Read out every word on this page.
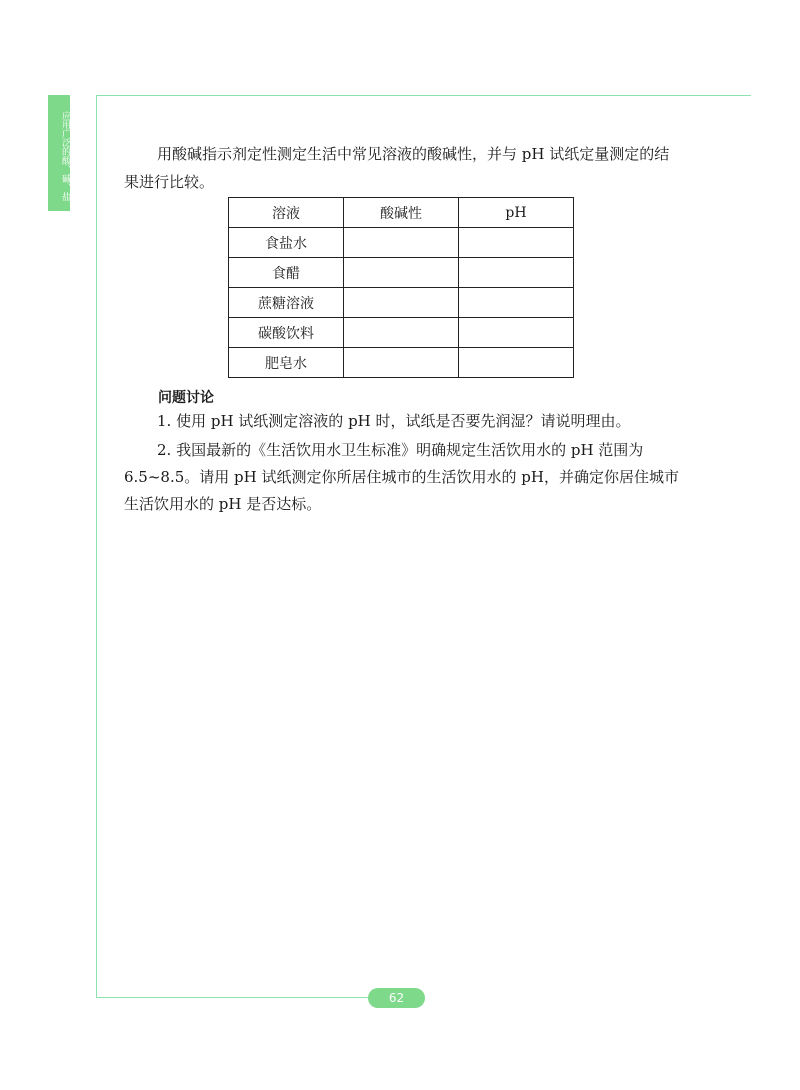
应用广泛的酸、碱、盐	用酸碱指示剂定性测定生活中常见溶液的酸碱性，并与 pH 试纸定量测定的结果进行比较。

溶液	酸碱性	pH
食盐水		
食醋		
蔗糖溶液		
碳酸饮料		
肥皂水		
问题讨论

1. 使用 pH 试纸测定溶液的 pH 时，试纸是否要先润湿？请说明理由。

2. 我国最新的《生活饮用水卫生标准》明确规定生活饮用水的 pH 范围为 6.5~8.5。请用 pH 试纸测定你所居住城市的生活饮用水的 pH，并确定你居住城市生活饮用水的 pH 是否达标。

62
